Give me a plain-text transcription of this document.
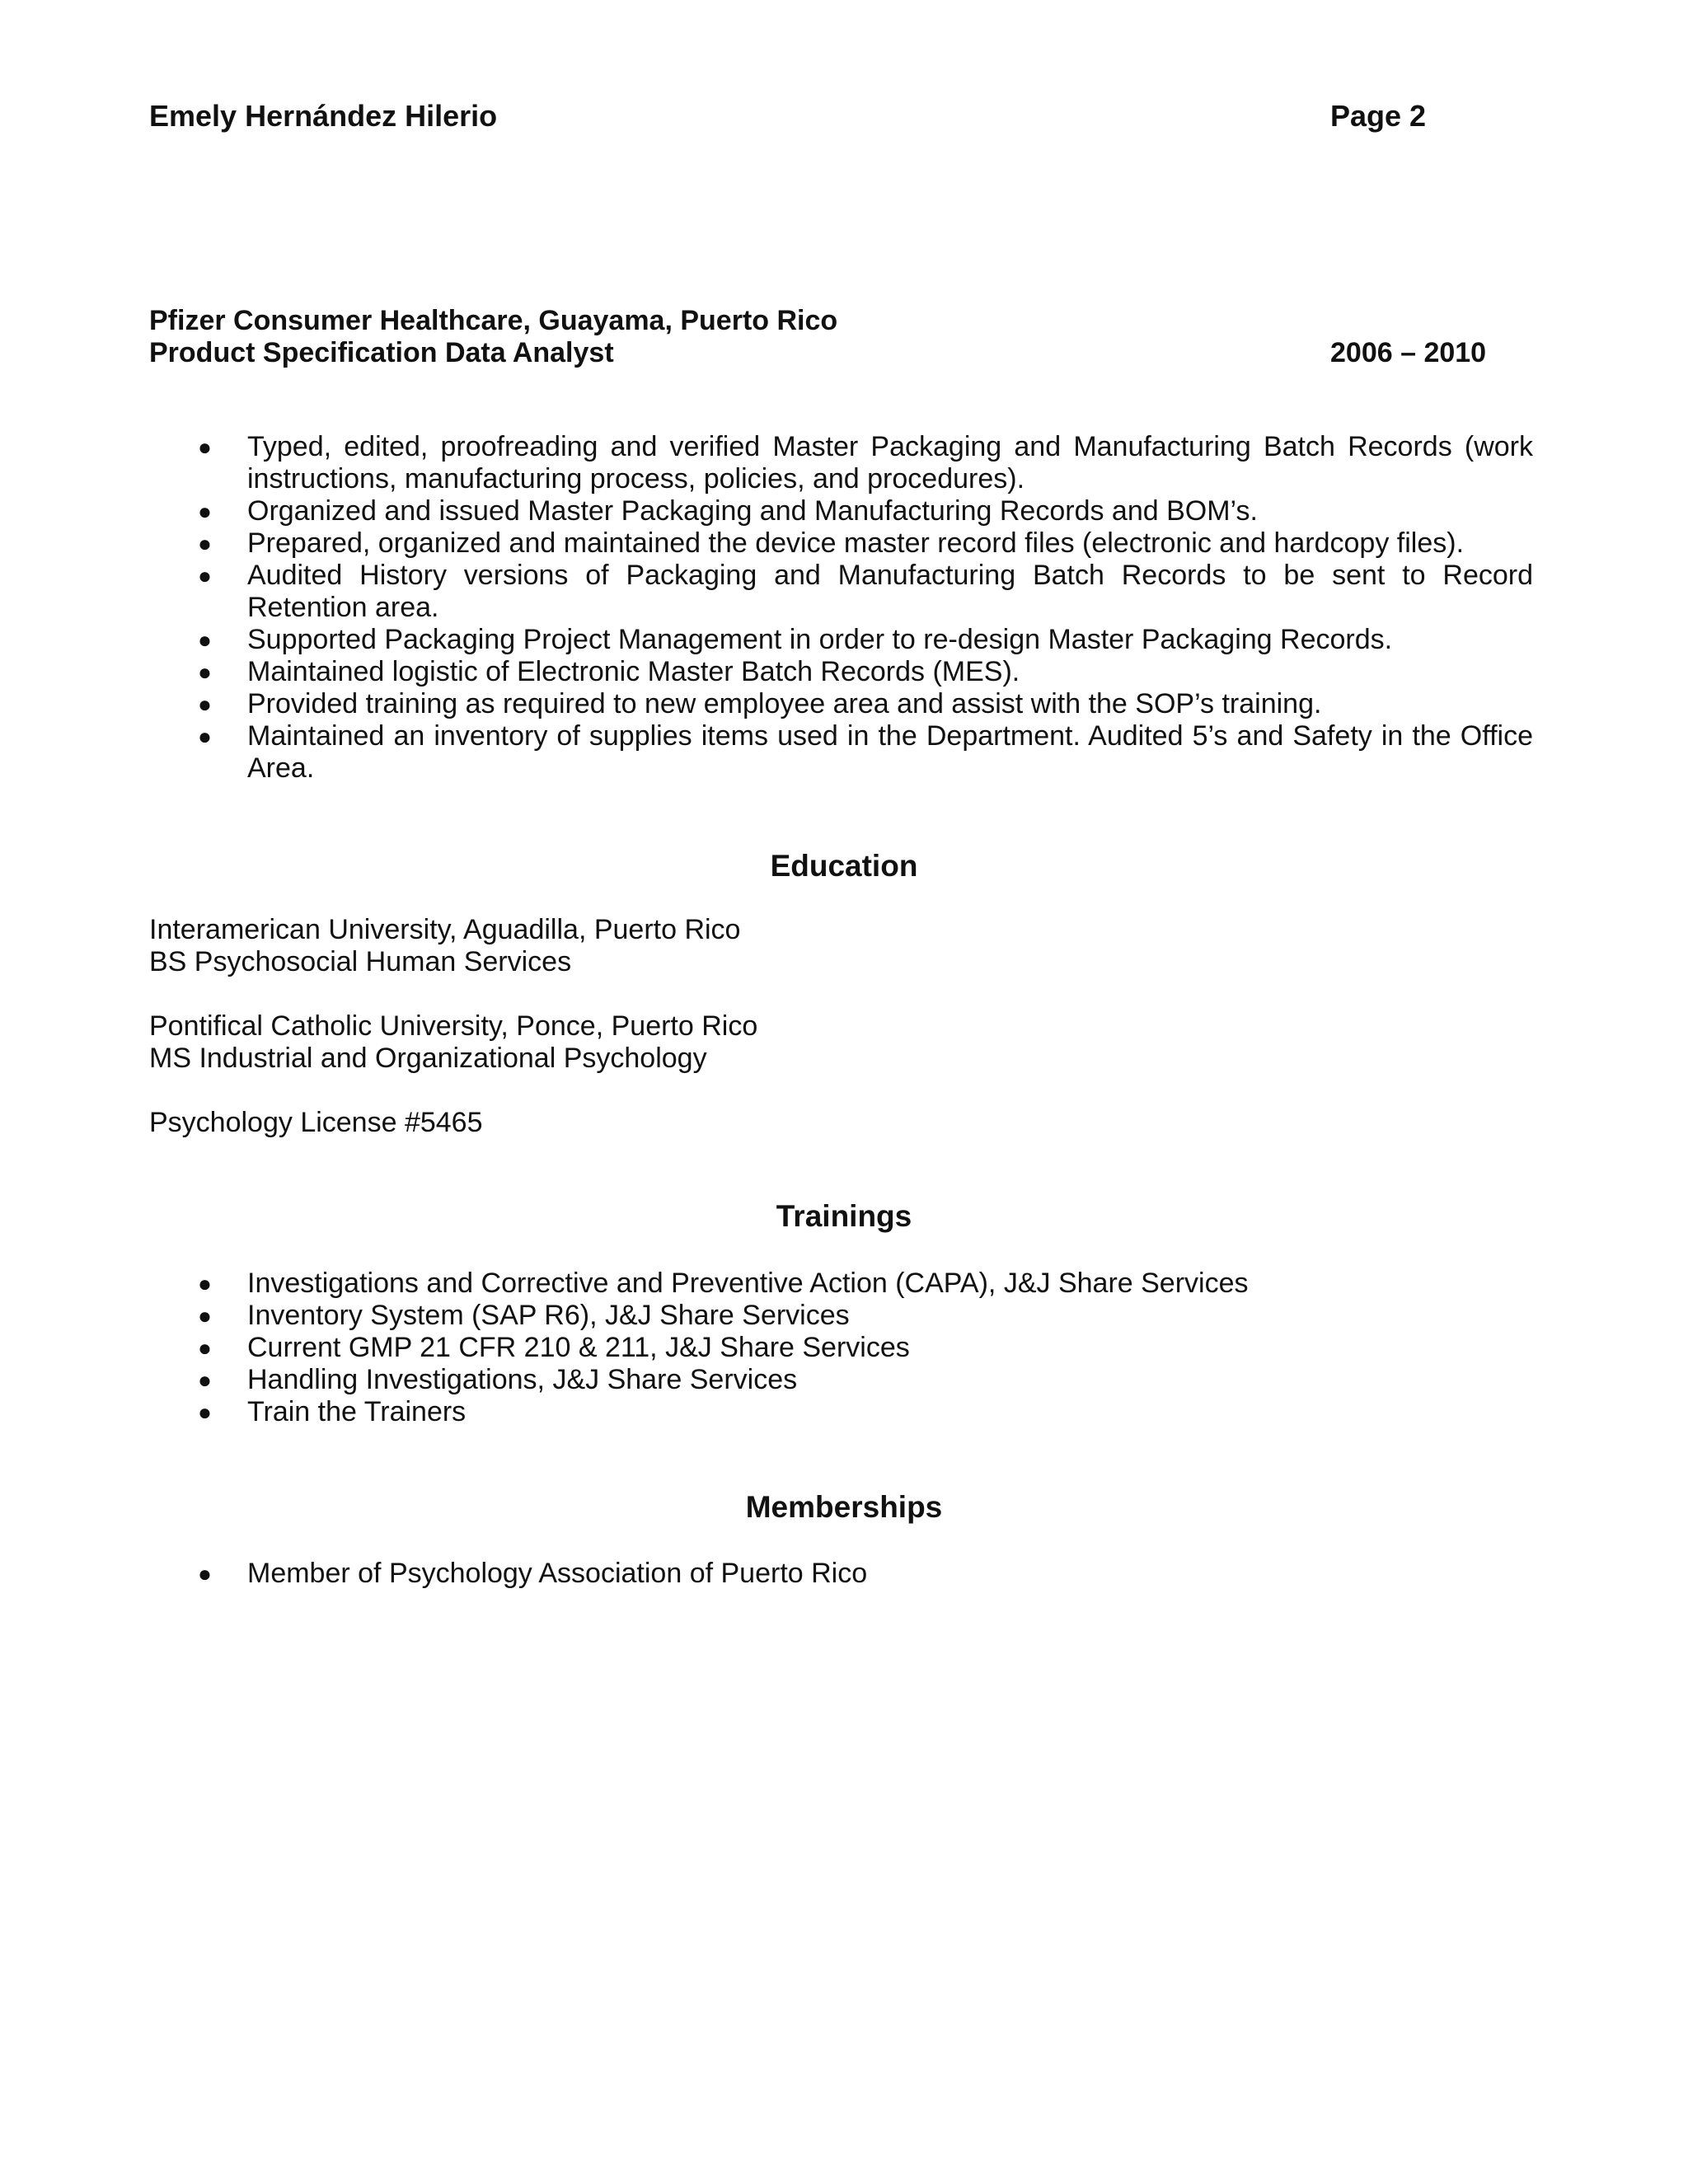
Emely Hernández Hilerio	Page 2
Pfizer Consumer Healthcare, Guayama, Puerto Rico
Product Specification Data Analyst	2006 – 2010
● Typed, edited, proofreading and verified Master Packaging and Manufacturing Batch Records (work instructions, manufacturing process, policies, and procedures).
● Organized and issued Master Packaging and Manufacturing Records and BOM’s.
● Prepared, organized and maintained the device master record files (electronic and hardcopy files).
● Audited History versions of Packaging and Manufacturing Batch Records to be sent to Record Retention area.
● Supported Packaging Project Management in order to re-design Master Packaging Records.
● Maintained logistic of Electronic Master Batch Records (MES).
● Provided training as required to new employee area and assist with the SOP’s training.
● Maintained an inventory of supplies items used in the Department. Audited 5’s and Safety in the Office Area.
Education
Interamerican University, Aguadilla, Puerto Rico
BS Psychosocial Human Services
Pontifical Catholic University, Ponce, Puerto Rico
MS Industrial and Organizational Psychology
Psychology License #5465
Trainings
● Investigations and Corrective and Preventive Action (CAPA), J&J Share Services
● Inventory System (SAP R6), J&J Share Services
● Current GMP 21 CFR 210 & 211, J&J Share Services
● Handling Investigations, J&J Share Services
● Train the Trainers
Memberships
● Member of Psychology Association of Puerto Rico
